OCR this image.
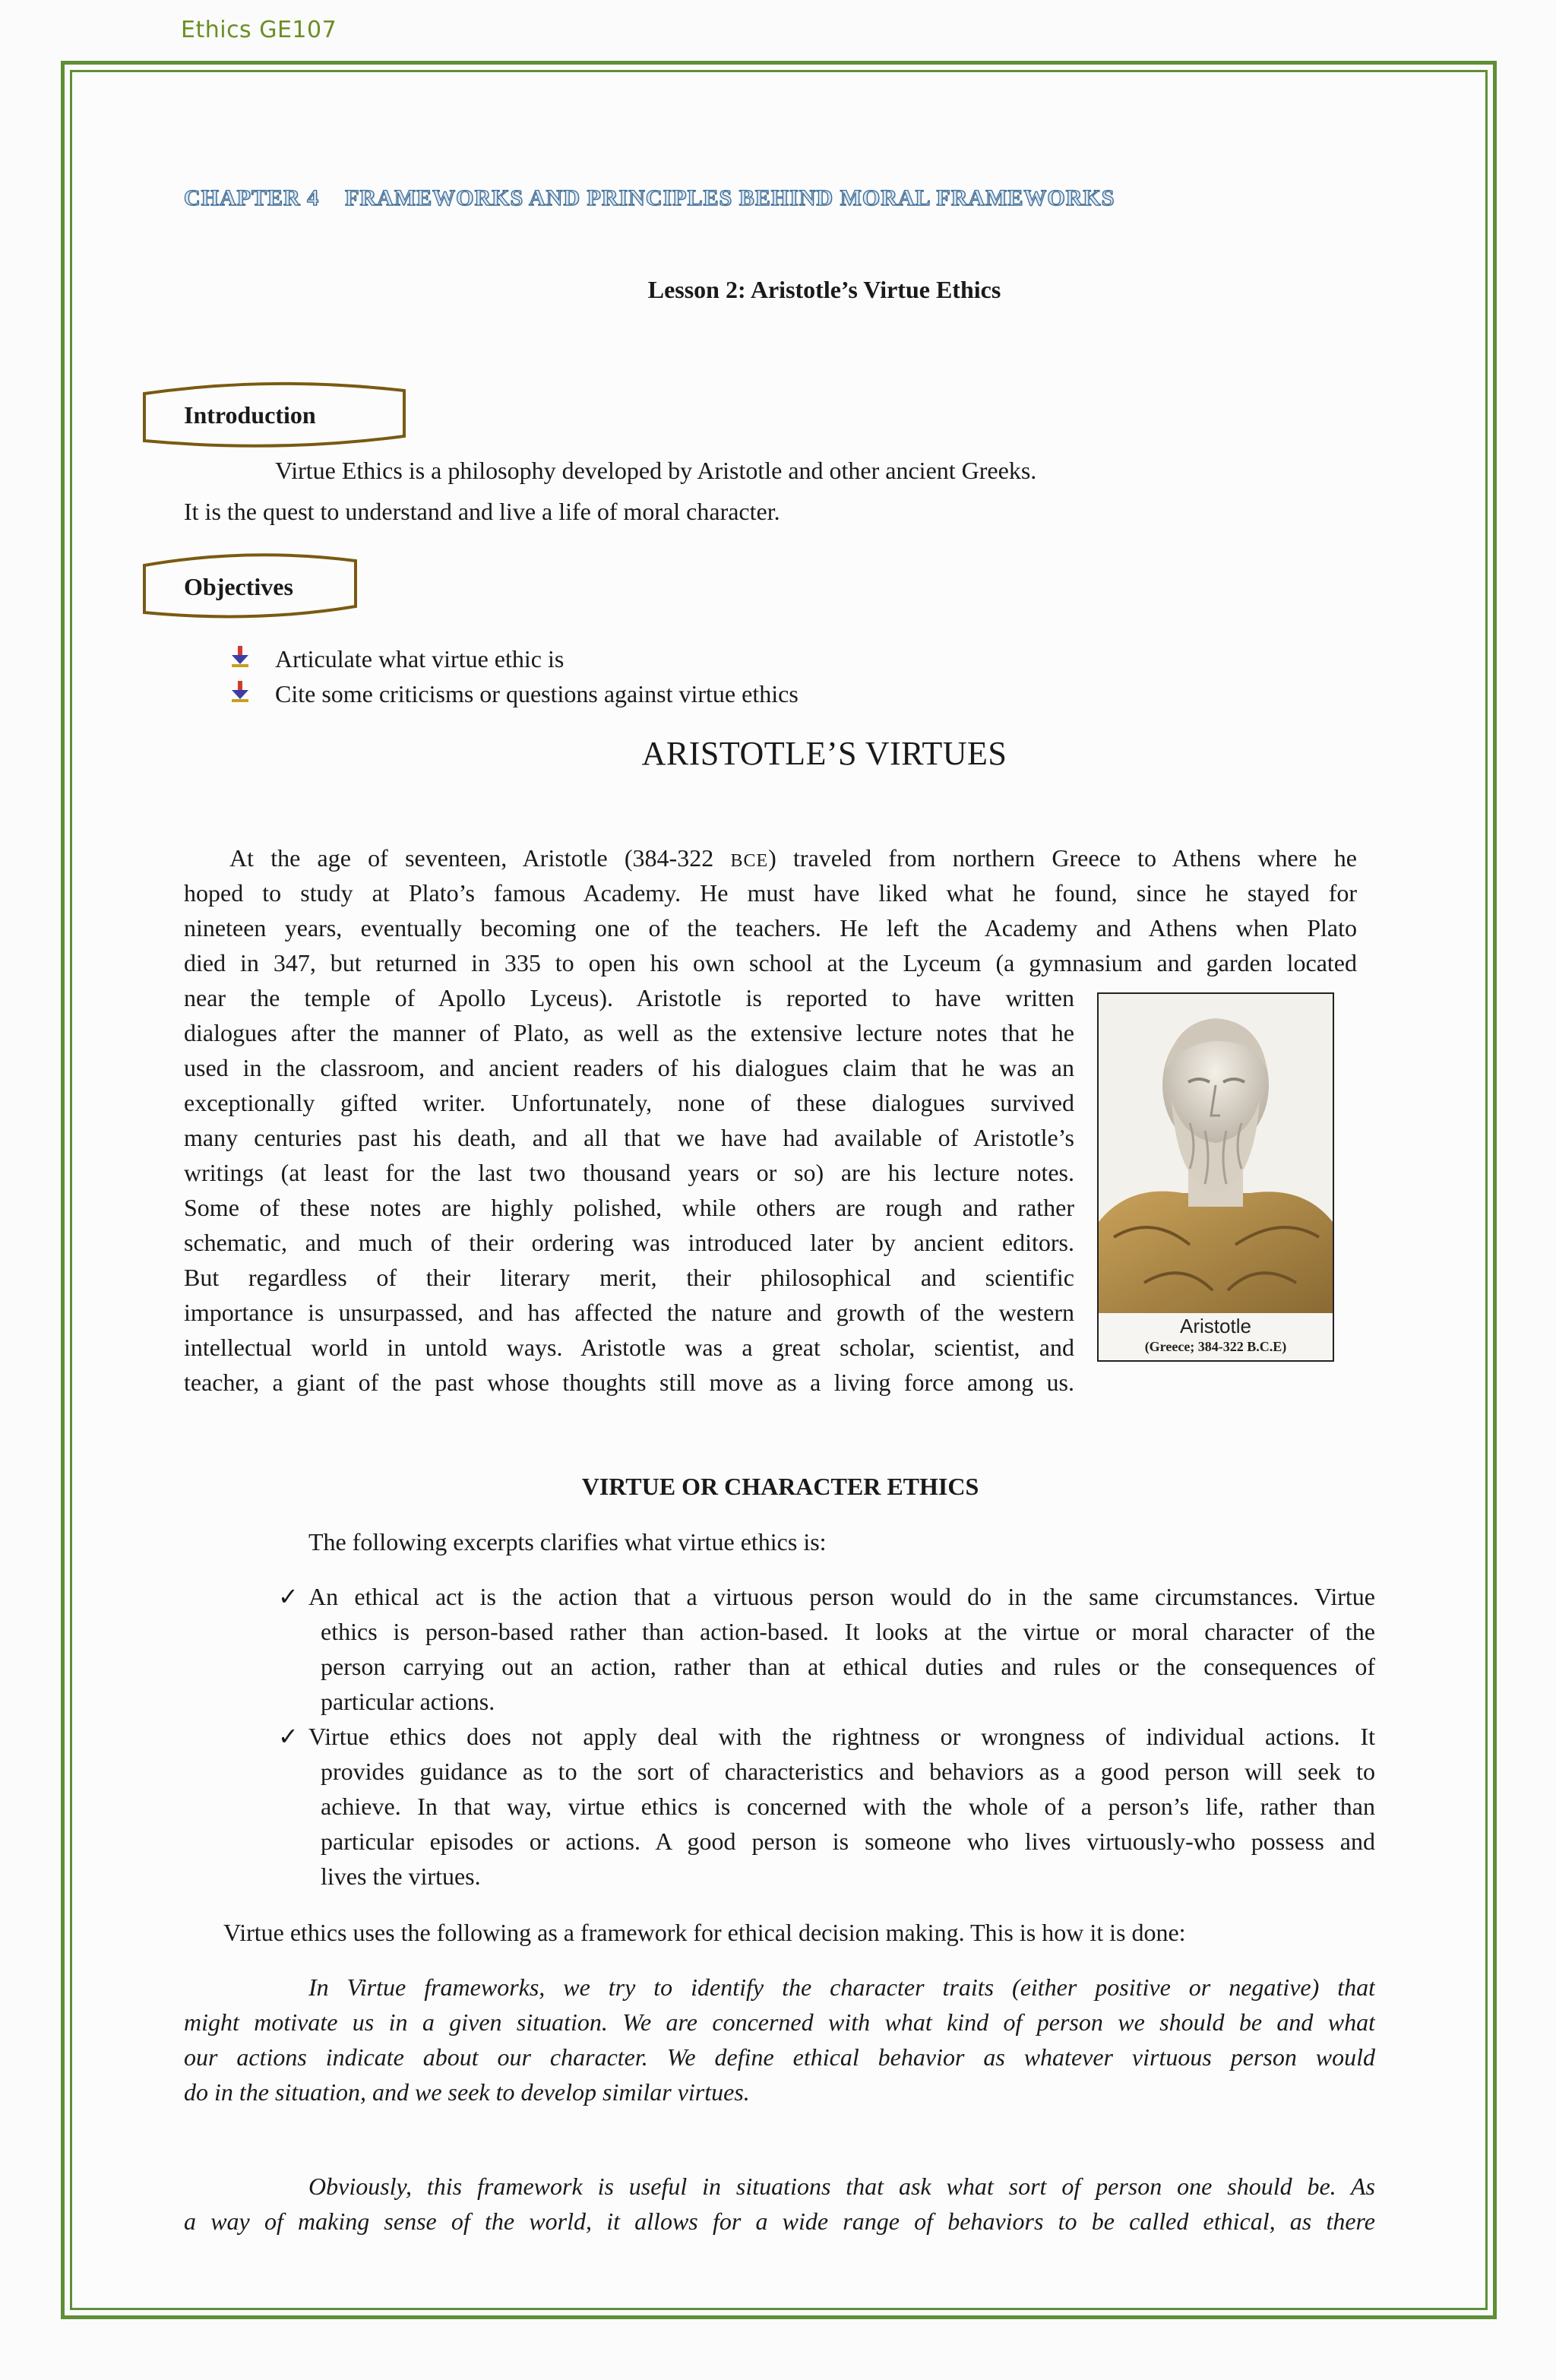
Ethics GE107
CHAPTER 4    FRAMEWORKS AND PRINCIPLES BEHIND MORAL FRAMEWORKS
Lesson 2: Aristotle’s Virtue Ethics
Introduction
Virtue Ethics is a philosophy developed by Aristotle and other ancient Greeks.
It is the quest to understand and live a life of moral character.
Objectives
Articulate what virtue ethic is
Cite some criticisms or questions against virtue ethics
ARISTOTLE’S VIRTUES
At the age of seventeen, Aristotle (384-322 BCE) traveled from northern Greece to Athens where he
hoped to study at Plato’s famous Academy. He must have liked what he found, since he stayed for
nineteen years, eventually becoming one of the teachers. He left the Academy and Athens when Plato
died in 347, but returned in 335 to open his own school at the Lyceum (a gymnasium and garden located
near the temple of Apollo Lyceus). Aristotle is reported to have written
dialogues after the manner of Plato, as well as the extensive lecture notes that he
used in the classroom, and ancient readers of his dialogues claim that he was an
exceptionally gifted writer. Unfortunately, none of these dialogues survived
many centuries past his death, and all that we have had available of Aristotle’s
writings (at least for the last two thousand years or so) are his lecture notes.
Some of these notes are highly polished, while others are rough and rather
schematic, and much of their ordering was introduced later by ancient editors.
But regardless of their literary merit, their philosophical and scientific
importance is unsurpassed, and has affected the nature and growth of the western
intellectual world in untold ways. Aristotle was a great scholar, scientist, and
teacher, a giant of the past whose thoughts still move as a living force among us.
Aristotle
(Greece; 384-322 B.C.E)
VIRTUE OR CHARACTER ETHICS
The following excerpts clarifies what virtue ethics is:
✓ An ethical act is the action that a virtuous person would do in the same circumstances. Virtue
ethics is person-based rather than action-based. It looks at the virtue or moral character of the
person carrying out an action, rather than at ethical duties and rules or the consequences of
particular actions.
✓ Virtue ethics does not apply deal with the rightness or wrongness of individual actions. It
provides guidance as to the sort of characteristics and behaviors as a good person will seek to
achieve. In that way, virtue ethics is concerned with the whole of a person’s life, rather than
particular episodes or actions. A good person is someone who lives virtuously-who possess and
lives the virtues.
Virtue ethics uses the following as a framework for ethical decision making. This is how it is done:
In Virtue frameworks, we try to identify the character traits (either positive or negative) that
might motivate us in a given situation. We are concerned with what kind of person we should be and what
our actions indicate about our character. We define ethical behavior as whatever virtuous person would
do in the situation, and we seek to develop similar virtues.
Obviously, this framework is useful in situations that ask what sort of person one should be. As
a way of making sense of the world, it allows for a wide range of behaviors to be called ethical, as there
